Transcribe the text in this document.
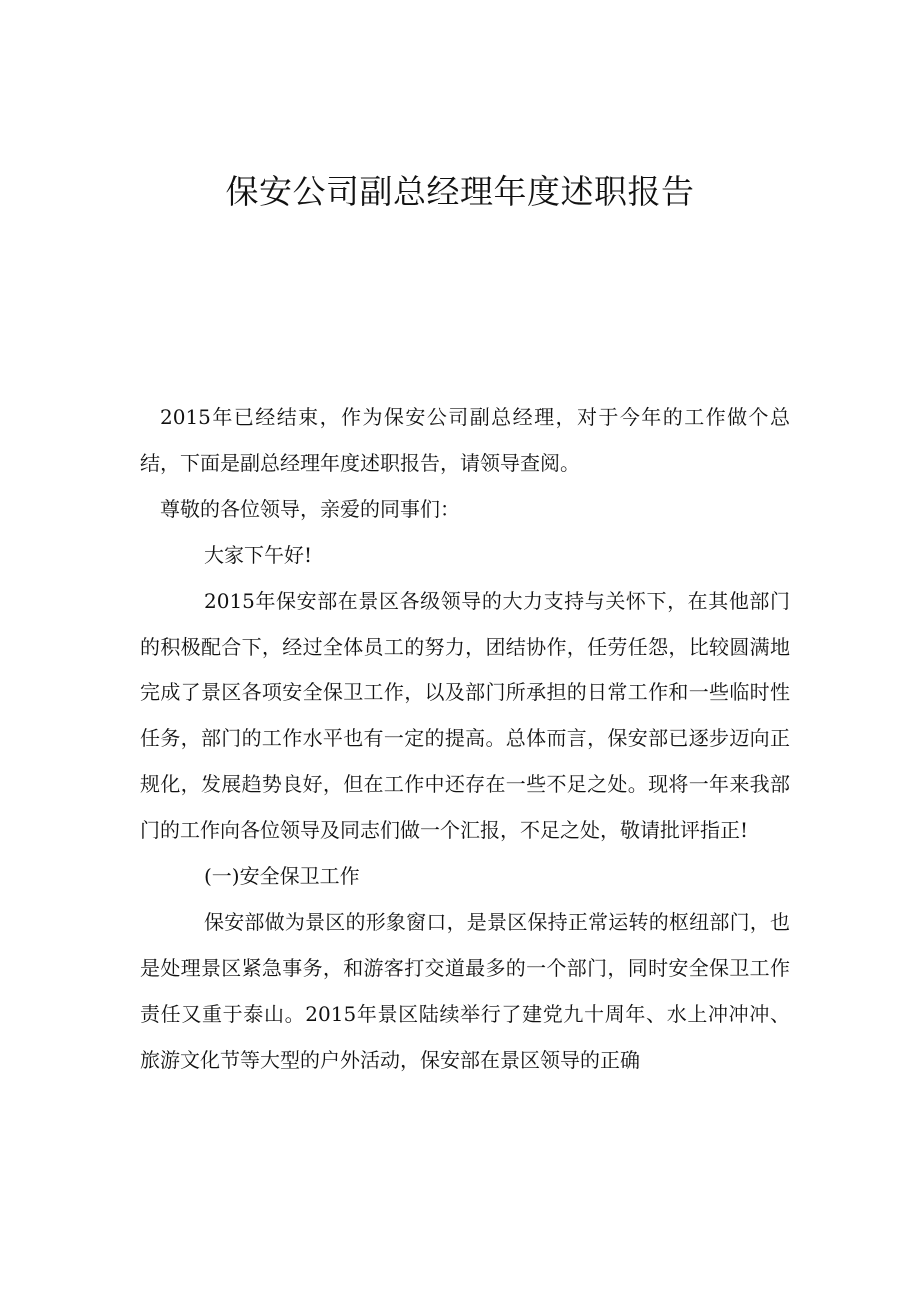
保安公司副总经理年度述职报告

2015年已经结束，作为保安公司副总经理，对于今年的工作做个总结，下面是副总经理年度述职报告，请领导查阅。

尊敬的各位领导，亲爱的同事们：

大家下午好!

2015年保安部在景区各级领导的大力支持与关怀下，在其他部门的积极配合下，经过全体员工的努力，团结协作，任劳任怨，比较圆满地完成了景区各项安全保卫工作，以及部门所承担的日常工作和一些临时性任务，部门的工作水平也有一定的提高。总体而言，保安部已逐步迈向正规化，发展趋势良好，但在工作中还存在一些不足之处。现将一年来我部门的工作向各位领导及同志们做一个汇报，不足之处，敬请批评指正!

(一)安全保卫工作

保安部做为景区的形象窗口，是景区保持正常运转的枢纽部门，也是处理景区紧急事务，和游客打交道最多的一个部门，同时安全保卫工作责任又重于泰山。2015年景区陆续举行了建党九十周年、水上冲冲冲、旅游文化节等大型的户外活动，保安部在景区领导的正确
